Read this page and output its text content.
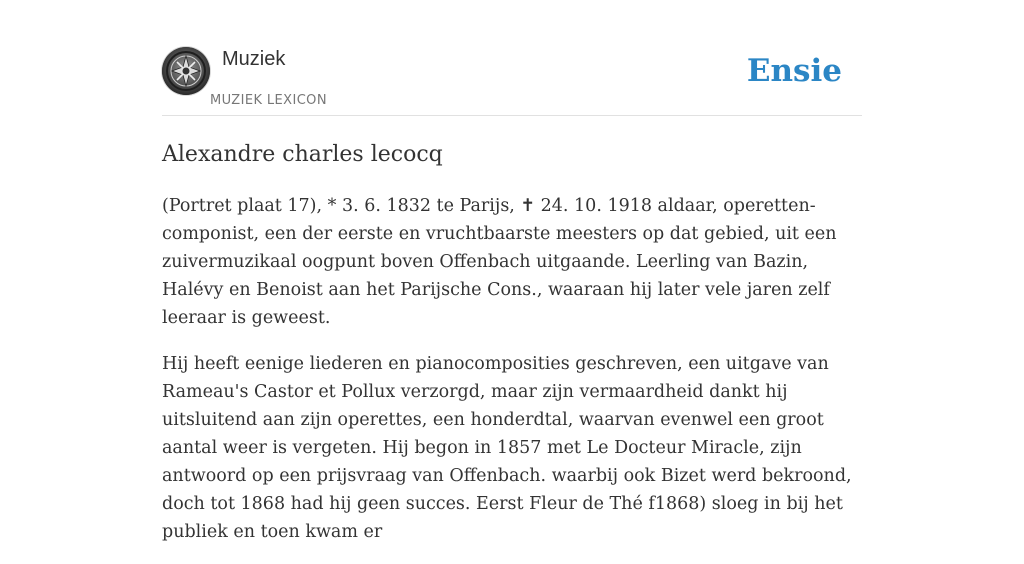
Muziek
MUZIEK LEXICON
Ensie
Alexandre charles lecocq

(Portret plaat 17), * 3. 6. 1832 te Parijs, ✝ 24. 10. 1918 aldaar, operetten-componist, een der eerste en vruchtbaarste meesters op dat gebied, uit een zuivermuzikaal oogpunt boven Offenbach uitgaande. Leerling van Bazin, Halévy en Benoist aan het Parijsche Cons., waaraan hij later vele jaren zelf leeraar is geweest.

Hij heeft eenige liederen en pianocomposities geschreven, een uitgave van Rameau's Castor et Pollux verzorgd, maar zijn vermaardheid dankt hij uitsluitend aan zijn operettes, een honderdtal, waarvan evenwel een groot aantal weer is vergeten. Hij begon in 1857 met Le Docteur Miracle, zijn antwoord op een prijsvraag van Offenbach. waarbij ook Bizet werd bekroond, doch tot 1868 had hij geen succes. Eerst Fleur de Thé f1868) sloeg in bij het publiek en toen kwam er
